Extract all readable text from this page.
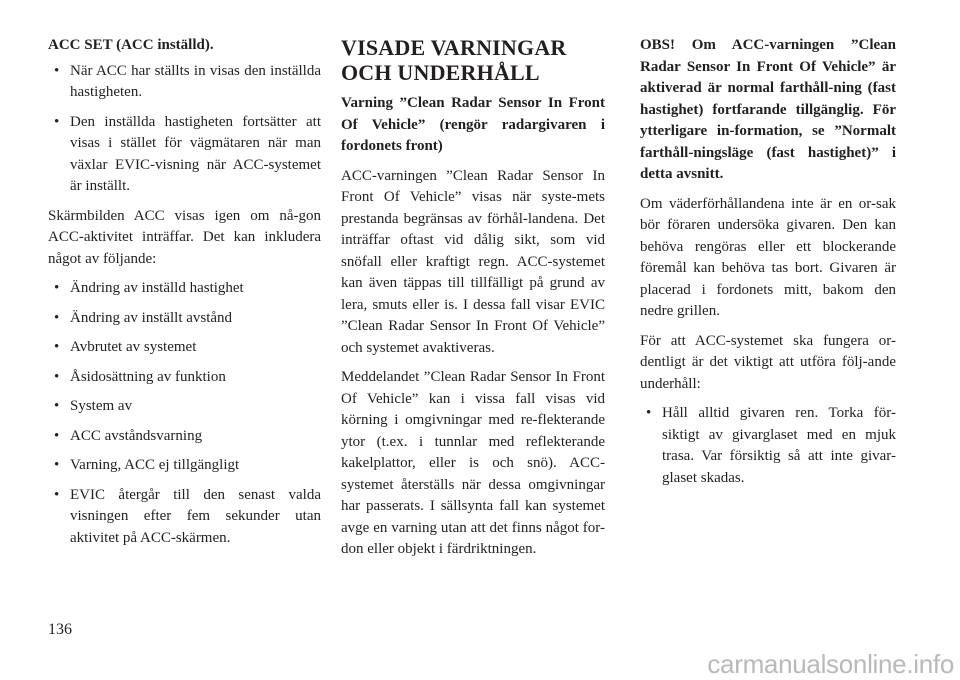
ACC SET (ACC inställd).

• När ACC har ställts in visas den inställda hastigheten.
• Den inställda hastigheten fortsätter att visas i stället för vägmätaren när man växlar EVIC-visning när ACC-systemet är inställt.

Skärmbilden ACC visas igen om nå-gon ACC-aktivitet inträffar. Det kan inkludera något av följande:

• Ändring av inställd hastighet
• Ändring av inställt avstånd
• Avbrutet av systemet
• Åsidosättning av funktion
• System av
• ACC avståndsvarning
• Varning, ACC ej tillgängligt
• EVIC återgår till den senast valda visningen efter fem sekunder utan aktivitet på ACC-skärmen.
VISADE VARNINGAR OCH UNDERHÅLL

Varning ”Clean Radar Sensor In Front Of Vehicle” (rengör radargivaren i fordonets front)

ACC-varningen ”Clean Radar Sensor In Front Of Vehicle” visas när syste-mets prestanda begränsas av förhål-landena. Det inträffar oftast vid dålig sikt, som vid snöfall eller kraftigt regn. ACC-systemet kan även täppas till tillfälligt på grund av lera, smuts eller is. I dessa fall visar EVIC ”Clean Radar Sensor In Front Of Vehicle” och systemet avaktiveras.

Meddelandet ”Clean Radar Sensor In Front Of Vehicle” kan i vissa fall visas vid körning i omgivningar med re-flekterande ytor (t.ex. i tunnlar med reflekterande kakelplattor, eller is och snö). ACC-systemet återställs när dessa omgivningar har passerats. I sällsynta fall kan systemet avge en varning utan att det finns något for-don eller objekt i färdriktningen.

OBS! Om ACC-varningen ”Clean Radar Sensor In Front Of Vehicle” är aktiverad är normal farthåll-ning (fast hastighet) fortfarande tillgänglig. För ytterligare in-formation, se ”Normalt farthåll-ningsläge (fast hastighet)” i detta avsnitt.

Om väderförhållandena inte är en or-sak bör föraren undersöka givaren. Den kan behöva rengöras eller ett blockerande föremål kan behöva tas bort. Givaren är placerad i fordonets mitt, bakom den nedre grillen.

För att ACC-systemet ska fungera or-dentligt är det viktigt att utföra följ-ande underhåll:

• Håll alltid givaren ren. Torka för-siktigt av givarglaset med en mjuk trasa. Var försiktig så att inte givar-glaset skadas.
136
carmanualsonline.info
